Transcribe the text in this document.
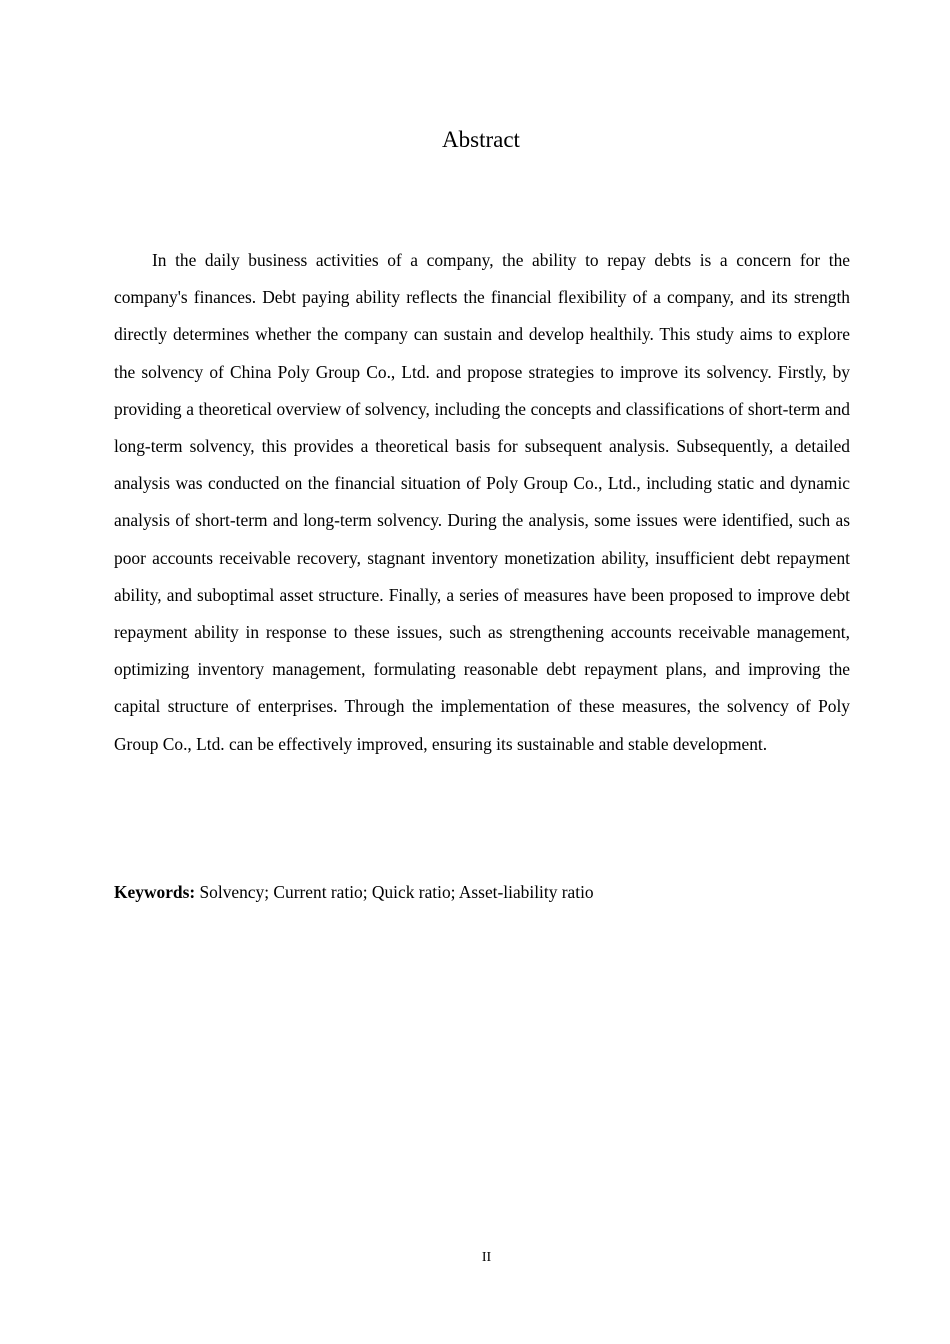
Abstract

In the daily business activities of a company, the ability to repay debts is a concern for the company's finances. Debt paying ability reflects the financial flexibility of a company, and its strength directly determines whether the company can sustain and develop healthily. This study aims to explore the solvency of China Poly Group Co., Ltd. and propose strategies to improve its solvency. Firstly, by providing a theoretical overview of solvency, including the concepts and classifications of short-term and long-term solvency, this provides a theoretical basis for subsequent analysis. Subsequently, a detailed analysis was conducted on the financial situation of Poly Group Co., Ltd., including static and dynamic analysis of short-term and long-term solvency. During the analysis, some issues were identified, such as poor accounts receivable recovery, stagnant inventory monetization ability, insufficient debt repayment ability, and suboptimal asset structure. Finally, a series of measures have been proposed to improve debt repayment ability in response to these issues, such as strengthening accounts receivable management, optimizing inventory management, formulating reasonable debt repayment plans, and improving the capital structure of enterprises. Through the implementation of these measures, the solvency of Poly Group Co., Ltd. can be effectively improved, ensuring its sustainable and stable development.

Keywords: Solvency; Current ratio; Quick ratio; Asset-liability ratio

II
